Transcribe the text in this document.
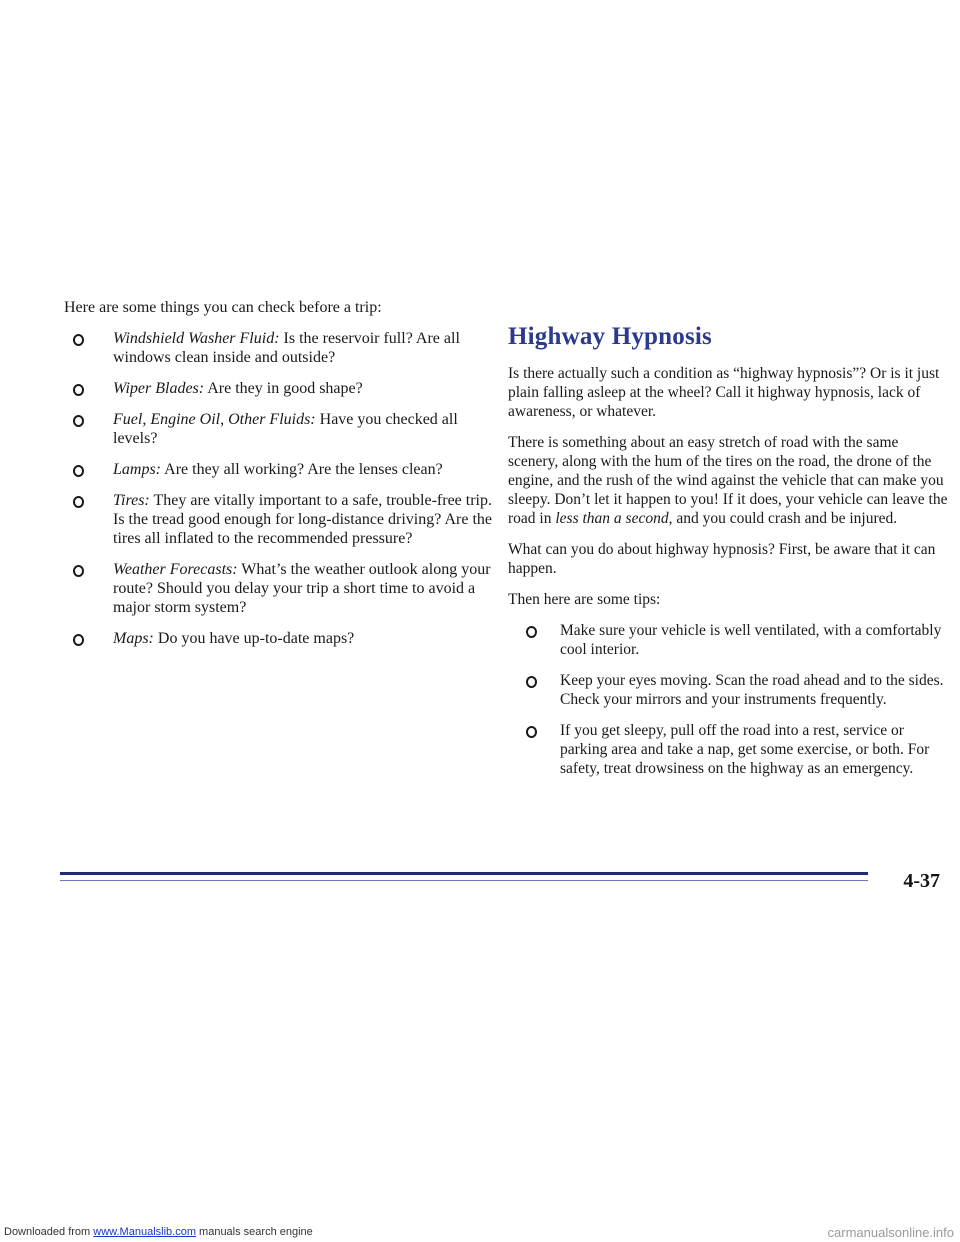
Here are some things you can check before a trip:

Windshield Washer Fluid: Is the reservoir full? Are all windows clean inside and outside?
Wiper Blades: Are they in good shape?
Fuel, Engine Oil, Other Fluids: Have you checked all levels?
Lamps: Are they all working? Are the lenses clean?
Tires: They are vitally important to a safe, trouble-free trip. Is the tread good enough for long-distance driving? Are the tires all inflated to the recommended pressure?
Weather Forecasts: What’s the weather outlook along your route? Should you delay your trip a short time to avoid a major storm system?
Maps: Do you have up-to-date maps?
Highway Hypnosis

Is there actually such a condition as “highway hypnosis”? Or is it just plain falling asleep at the wheel? Call it highway hypnosis, lack of awareness, or whatever.

There is something about an easy stretch of road with the same scenery, along with the hum of the tires on the road, the drone of the engine, and the rush of the wind against the vehicle that can make you sleepy. Don’t let it happen to you! If it does, your vehicle can leave the road in less than a second, and you could crash and be injured.

What can you do about highway hypnosis? First, be aware that it can happen.

Then here are some tips:

Make sure your vehicle is well ventilated, with a comfortably cool interior.
Keep your eyes moving. Scan the road ahead and to the sides. Check your mirrors and your instruments frequently.
If you get sleepy, pull off the road into a rest, service or parking area and take a nap, get some exercise, or both. For safety, treat drowsiness on the highway as an emergency.
4-37
Downloaded from www.Manualslib.com manuals search engine	carmanualsonline.info
